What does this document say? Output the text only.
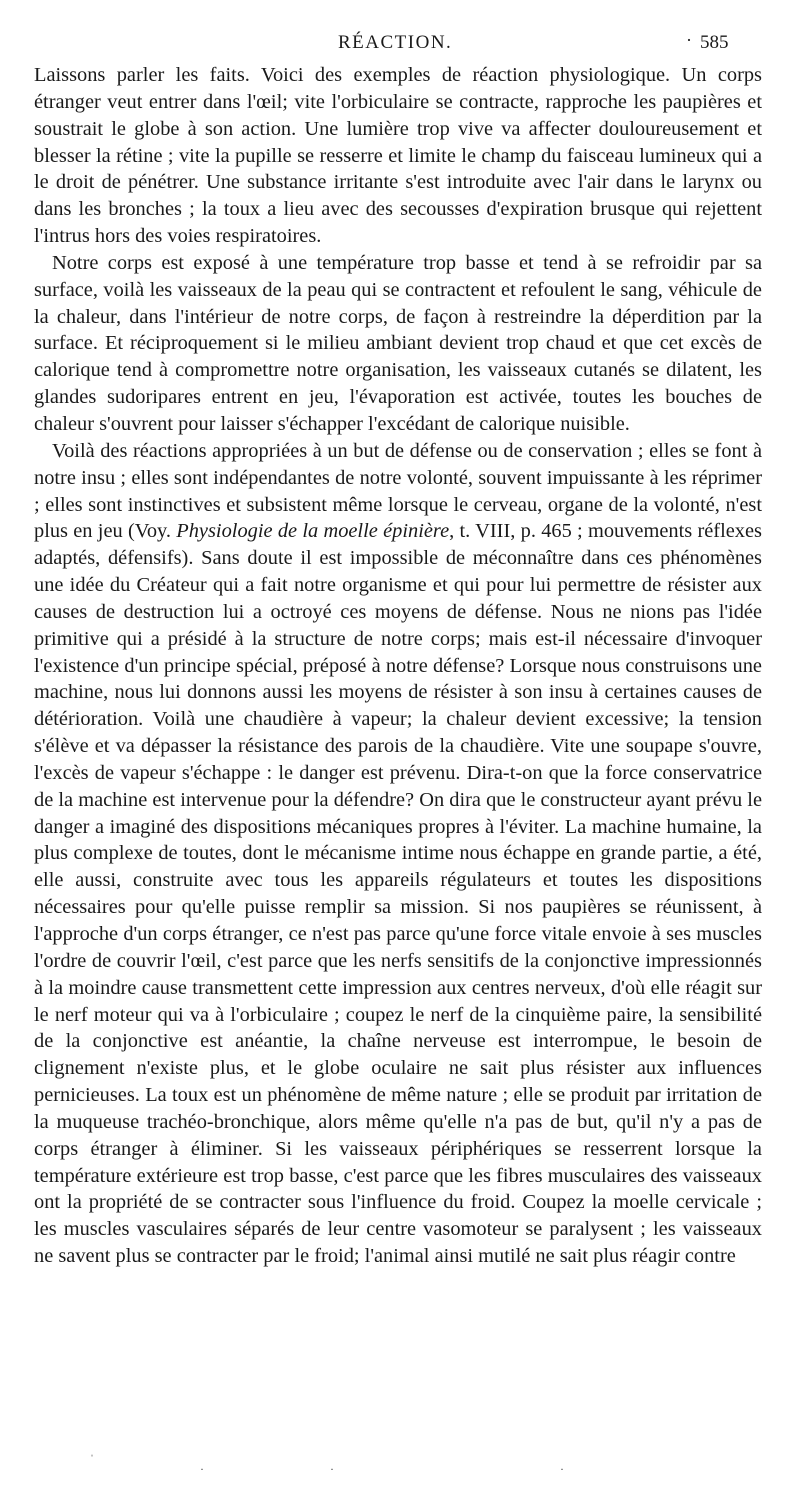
RÉACTION.	· 585

Laissons parler les faits. Voici des exemples de réaction physiologique. Un corps étranger veut entrer dans l'œil; vite l'orbiculaire se contracte, rapproche les paupières et soustrait le globe à son action. Une lumière trop vive va affecter douloureusement et blesser la rétine ; vite la pupille se resserre et limite le champ du faisceau lumineux qui a le droit de pénétrer. Une substance irritante s'est introduite avec l'air dans le larynx ou dans les bronches ; la toux a lieu avec des secousses d'expiration brusque qui rejettent l'intrus hors des voies respiratoires.

Notre corps est exposé à une température trop basse et tend à se refroidir par sa surface, voilà les vaisseaux de la peau qui se contractent et refoulent le sang, véhicule de la chaleur, dans l'intérieur de notre corps, de façon à restreindre la déperdition par la surface. Et réciproquement si le milieu ambiant devient trop chaud et que cet excès de calorique tend à compromettre notre organisation, les vaisseaux cutanés se dilatent, les glandes sudoripares entrent en jeu, l'évaporation est activée, toutes les bouches de chaleur s'ouvrent pour laisser s'échapper l'excédant de calorique nuisible.

Voilà des réactions appropriées à un but de défense ou de conservation ; elles se font à notre insu ; elles sont indépendantes de notre volonté, souvent impuissante à les réprimer ; elles sont instinctives et subsistent même lorsque le cerveau, organe de la volonté, n'est plus en jeu (Voy. Physiologie de la moelle épinière, t. VIII, p. 465 ; mouvements réflexes adaptés, défensifs). Sans doute il est impossible de méconnaître dans ces phénomènes une idée du Créateur qui a fait notre organisme et qui pour lui permettre de résister aux causes de destruction lui a octroyé ces moyens de défense. Nous ne nions pas l'idée primitive qui a présidé à la structure de notre corps; mais est-il nécessaire d'invoquer l'existence d'un principe spécial, préposé à notre défense? Lorsque nous construisons une machine, nous lui donnons aussi les moyens de résister à son insu à certaines causes de détérioration. Voilà une chaudière à vapeur; la chaleur devient excessive; la tension s'élève et va dépasser la résistance des parois de la chaudière. Vite une soupape s'ouvre, l'excès de vapeur s'échappe : le danger est prévenu. Dira-t-on que la force conservatrice de la machine est intervenue pour la défendre? On dira que le constructeur ayant prévu le danger a imaginé des dispositions mécaniques propres à l'éviter. La machine humaine, la plus complexe de toutes, dont le mécanisme intime nous échappe en grande partie, a été, elle aussi, construite avec tous les appareils régulateurs et toutes les dispositions nécessaires pour qu'elle puisse remplir sa mission. Si nos paupières se réunissent, à l'approche d'un corps étranger, ce n'est pas parce qu'une force vitale envoie à ses muscles l'ordre de couvrir l'œil, c'est parce que les nerfs sensitifs de la conjonctive impressionnés à la moindre cause transmettent cette impression aux centres nerveux, d'où elle réagit sur le nerf moteur qui va à l'orbiculaire ; coupez le nerf de la cinquième paire, la sensibilité de la conjonctive est anéantie, la chaîne nerveuse est interrompue, le besoin de clignement n'existe plus, et le globe oculaire ne sait plus résister aux influences pernicieuses. La toux est un phénomène de même nature ; elle se produit par irritation de la muqueuse trachéo-bronchique, alors même qu'elle n'a pas de but, qu'il n'y a pas de corps étranger à éliminer. Si les vaisseaux périphériques se resserrent lorsque la température extérieure est trop basse, c'est parce que les fibres musculaires des vaisseaux ont la propriété de se contracter sous l'influence du froid. Coupez la moelle cervicale ; les muscles vasculaires séparés de leur centre vasomoteur se paralysent ; les vaisseaux ne savent plus se contracter par le froid; l'animal ainsi mutilé ne sait plus réagir contre

ˈ
·	·	·
